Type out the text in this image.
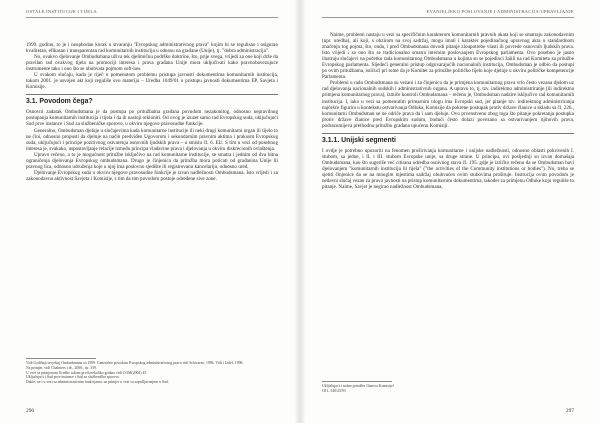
OSTALE INSTITUCIJE I TIJELA

1999. godinu, to je i neophodan korak u stvaranju "Evropskog administrativnog prava" kojim bi se regulisao i osigurao kvalitetan, efikasan i transparentan rad komunitarnih institucija u odnosu na građane (Unije), tj. "dobra administracija".

No, ovakvo djelovanje Ombudsmana uživa tek djelimičnu podršku doktrine, što, prije svega, vrijedi za one koji drže da pravilan rad ovakvog tijela na promociji interesa i prava građana Unije mora uključivati kako pravnobavezujuće instrumente tako i ono što se obuhvata pojmom soft-law.

U svakom slučaju, kada je riječ o pomenutom problemu pristupa javnosti dokumentima komunitarnih institucija, tokom 2001. je usvojen akt koji reguliše ovu materiju – Uredba 1049/01 o pristupu javnosti dokumentima EP, Savjeta i Komisije.

3.1. Povodom čega?

Osnovni zadatak Ombudsmana je da postupa po pritužbama građana povodom nezakonitog, odnosno nepravilnog postupanja komunitarnih institucija i tijela i da ih nastoji otkloniti. Od ovog je izuzet samo rad Evropskog suda, uključujući Sud prve instance i Sud za službeničke sporove, u okviru njegove pravosudne funkcije.

Generalno, Ombudsman djeluje u slučajevima kada komunitarne institucije ili neki drugi komunitarni organ ili tijelo to ne čini, odnosno propusti da djeluje na način predviđen Ugovorom i sekundarnim pravnim aktima i praksom Evropskog suda, uključujući i principe pozitivnog ostvarenja osnovnih ljudskih prava – u smislu čl. 6. EU. S tim u vezi od posebnog interesa je, svakako, uspostavljanje relacije između principa vladavine prava i djelovanja u okviru diskrecionih ovlaštenja.

Upravo rečeno, a to je mogućnost pritužbe isključivo na rad komunitarne institucije, se smatra i jednim od dva bitna ograničenja djelovanja Evropskog ombudsmana. Drugo je činjenica da pritužba mora poticati od građanina Unije ili pravnog lica, odnosno udruženja koje u njoj ima poslovno sjedište ili registrovanu kancelariju, odnosno ured.

Djelovanje Evropskog suda u okviru njegove pravosudne funkcije je izvan nadležnosti Ombudsmana. Isto vrijedi i za zakonodavnu aktivnost Savjeta i Komisije, s tim da tim povodom postoje određene sive zone.

Vidi Godišnji izvještaj Ombudsmana za 1999. Generalno povodom Evropskog administrativnog prava vidi Schwarze, 1996. Vidi i Lidel, 1996.
Na primjer, vidi Chalmers i dr., 2006., str. 339.
U vezi sa primjenom Uredbe tokom prvih nekoliko godina vidi COM(2004) 45.
Uključujući i Sud prve instance i Sud za službeničke sporove.
Dakle, ne i u vezi sa administrativnim funkcijama, na primjer u vezi sa zapošljavanjem u Sud.
296
EVANJELJEKO POSLOVANJE I ADMINISTRACIJA/UPRAVLJANJE

Naime, problemi nastaju u vezi sa specifičnim karakterom komunitarnih pravnih akata koji se smatraju zakonodavnim (npr. uredba), ali koji, s obzirom na svoj sadržaj, mogu imati i karakter pojedinačnog upravnog akta u standardnom značenju tog pojma, što, onda, i pred Ombudsmana dovodi pitanje zloupotrebe vlasti ili povrede osnovnih ljudskih prava. Isto vrijedi i za ono što se tradicionalno smatra internim poslovanjem Evropskog parlamenta. Ovo posebno je jasno ilustruju slučajevi na početku rada komunitarnog Ombudsmana u kojima su se pojedinci žalili na rad Komiteta za pritužbe Evropskog parlamenta. Sljedeći generalni pristup odgovarajućih nacionalnih institucija, Ombudsman je odbio da postupi po ovim pritužbama, ističući pri tome da je Komitet za pritužbe političko tijelo koje djeluje u okviru političke kompetencije Parlamenta.

Problemi u radu Ombudsmana su vezani i za činjenicu da je primjena komunitarnog prava vrlo često vezana djelom uz rad djelovanja nacionalnih sudskih i administrativnih organa. A upravo to, tj. tzv. indirektno administriranje (ili indirektna primjena komunitarnog prava), izmiče kontroli Ombudsmana – rečeno je, Ombudsman nadzire isključivo rad komunitarnih institucija. I, iako u vezi sa pomenutim primarnim ulogu ima Evropski sud, jer pitanje tzv. indirektnog administriranja najčešće figurira u kontekstu ostvarivanja Odluka, Komisije da pokrene postupak protiv države članice u skladu sa čl. 226., komunitarni Ombudsman se ne odriče prava da i sam djeluje. Ovo prvenstveno zbog toga što pitanje pokretanja postupka protiv države članice pred Evropskim sudom, budući često dolazi povezano sa ostvarivanjem njihovih prava, podrazumijeva prethodnu pritužbu građana upućenu Komisiji.

3.1.1. Unijski segmenti

I ovdje je potrebno upozoriti na fenomen proširivanja komunitarne i unijske nadležnosti, odnosno oblasti pokrivenih I. stubom, sa jedne, i II. i III. stubom Evropske unije, sa druge strane. U principu, ovi posljednji su izvan domašaja Ombudsmana, kao što sugeriše već citirana odredba osnivnog stava čl. 195. gdje je izričito rečeno da se Ombudsman bavi djelovanjem "komunitarnih institucija ili tijela" ("the activities of the Community institutions or bodies"). No, treba se sjetiti činjenice da se na mnogim mjestima sadržaj obuhvaćen ovim stubovima proširuje. Instrucija ovim povodom je nedavni slučaj vezan za pravo javnosti na pristup komunitarnim dokumentima, također za primjenu Odluke koju reguliše to pitanje. Naime, Savjet je negirao nadležnost Ombudsmana,

Uključujući i sudne pritužbe članova Komisije!
OJ L 340/43/93
297
